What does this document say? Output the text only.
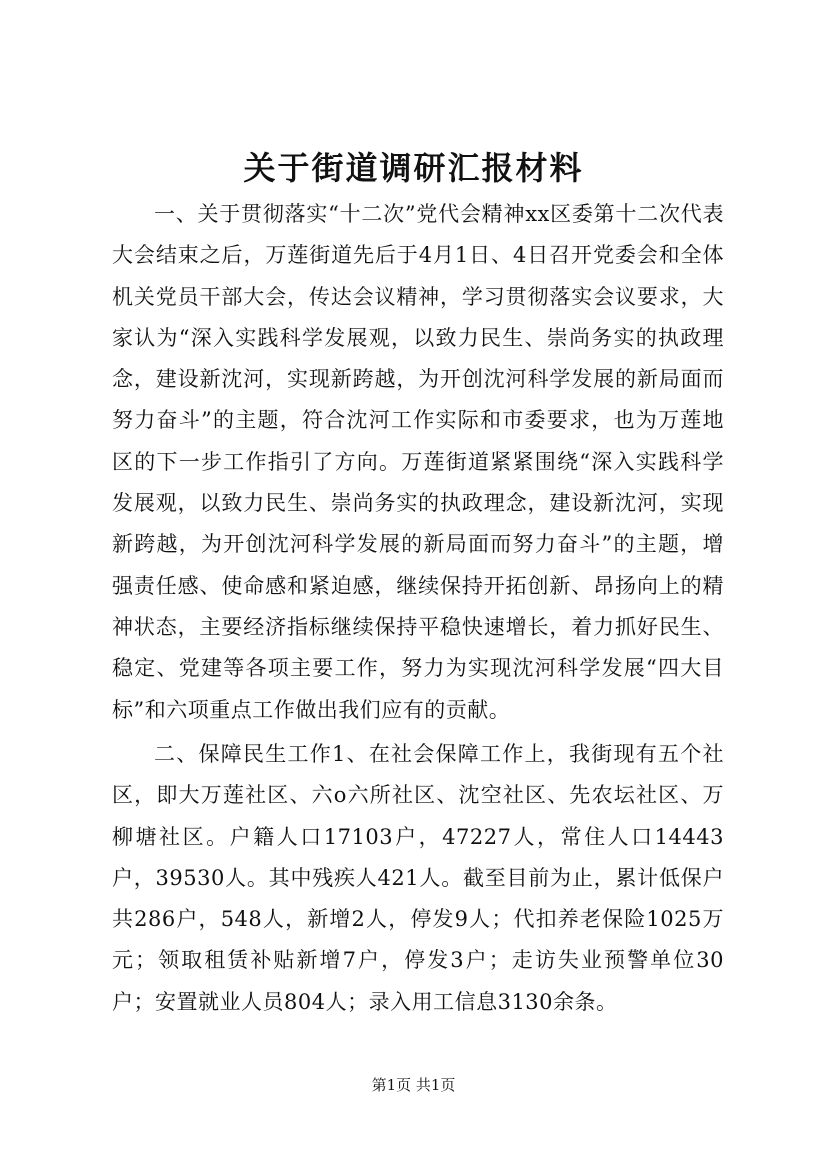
关于街道调研汇报材料

一、关于贯彻落实“十二次”党代会精神xx区委第十二次代表大会结束之后，万莲街道先后于4月1日、4日召开党委会和全体机关党员干部大会，传达会议精神，学习贯彻落实会议要求，大家认为“深入实践科学发展观，以致力民生、崇尚务实的执政理念，建设新沈河，实现新跨越，为开创沈河科学发展的新局面而努力奋斗”的主题，符合沈河工作实际和市委要求，也为万莲地区的下一步工作指引了方向。万莲街道紧紧围绕“深入实践科学发展观，以致力民生、崇尚务实的执政理念，建设新沈河，实现新跨越，为开创沈河科学发展的新局面而努力奋斗”的主题，增强责任感、使命感和紧迫感，继续保持开拓创新、昂扬向上的精神状态，主要经济指标继续保持平稳快速增长，着力抓好民生、稳定、党建等各项主要工作，努力为实现沈河科学发展“四大目标”和六项重点工作做出我们应有的贡献。

二、保障民生工作1、在社会保障工作上，我街现有五个社区，即大万莲社区、六o六所社区、沈空社区、先农坛社区、万柳塘社区。户籍人口17103户，47227人，常住人口14443户，39530人。其中残疾人421人。截至目前为止，累计低保户共286户，548人，新增2人，停发9人；代扣养老保险1025万元；领取租赁补贴新增7户，停发3户；走访失业预警单位30户；安置就业人员804人；录入用工信息3130余条。

第1页 共1页
